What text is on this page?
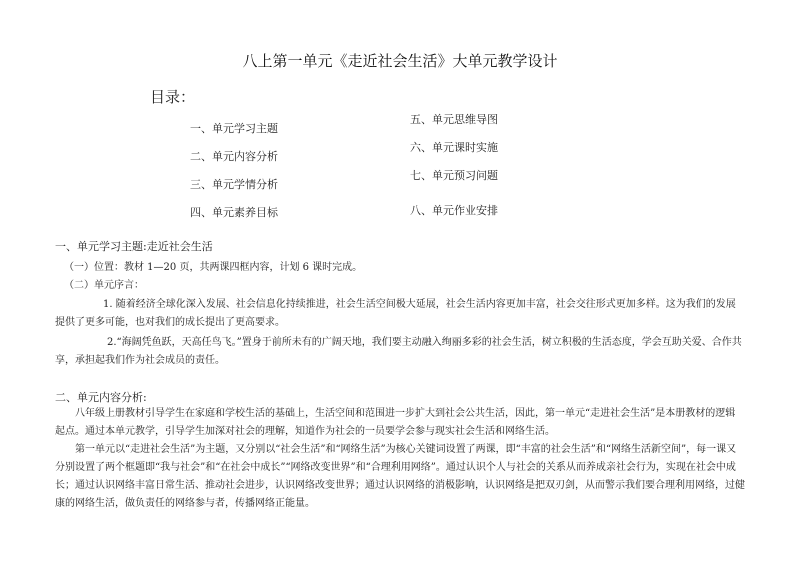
八上第一单元《走近社会生活》大单元教学设计
目录：
一、单元学习主题
二、单元内容分析
三、单元学情分析
四、单元素养目标
五、单元思维导图
六、单元课时实施
七、单元预习问题
八、单元作业安排
一、单元学习主题:走近社会生活
（一）位置：教材 1—20 页，共两课四框内容，计划 6 课时完成。
（二）单元序言：
1. 随着经济全球化深入发展、社会信息化持续推进，社会生活空间极大延展，社会生活内容更加丰富，社会交往形式更加多样。这为我们的发展提供了更多可能，也对我们的成长提出了更高要求。
2.“海阔凭鱼跃，天高任鸟飞。”置身于前所未有的广阔天地，我们要主动融入绚丽多彩的社会生活，树立积极的生活态度，学会互助关爱、合作共享，承担起我们作为社会成员的责任。
二、单元内容分析:
八年级上册教材引导学生在家庭和学校生活的基础上，生活空间和范围进一步扩大到社会公共生活，因此，第一单元“走进社会生活”是本册教材的逻辑起点。通过本单元教学，引导学生加深对社会的理解，知道作为社会的一员要学会参与现实社会生活和网络生活。
第一单元以“走进社会生活”为主题，又分别以“社会生活”和“网络生活”为核心关键词设置了两课，即“丰富的社会生活”和“网络生活新空间”，每一课又分别设置了两个框题即“我与社会”和“在社会中成长”“网络改变世界”和“合理利用网络”。通过认识个人与社会的关系从而养成亲社会行为，实现在社会中成长；通过认识网络丰富日常生活、推动社会进步，认识网络改变世界；通过认识网络的消极影响，认识网络是把双刃剑，从而警示我们要合理利用网络，过健康的网络生活，做负责任的网络参与者，传播网络正能量。
